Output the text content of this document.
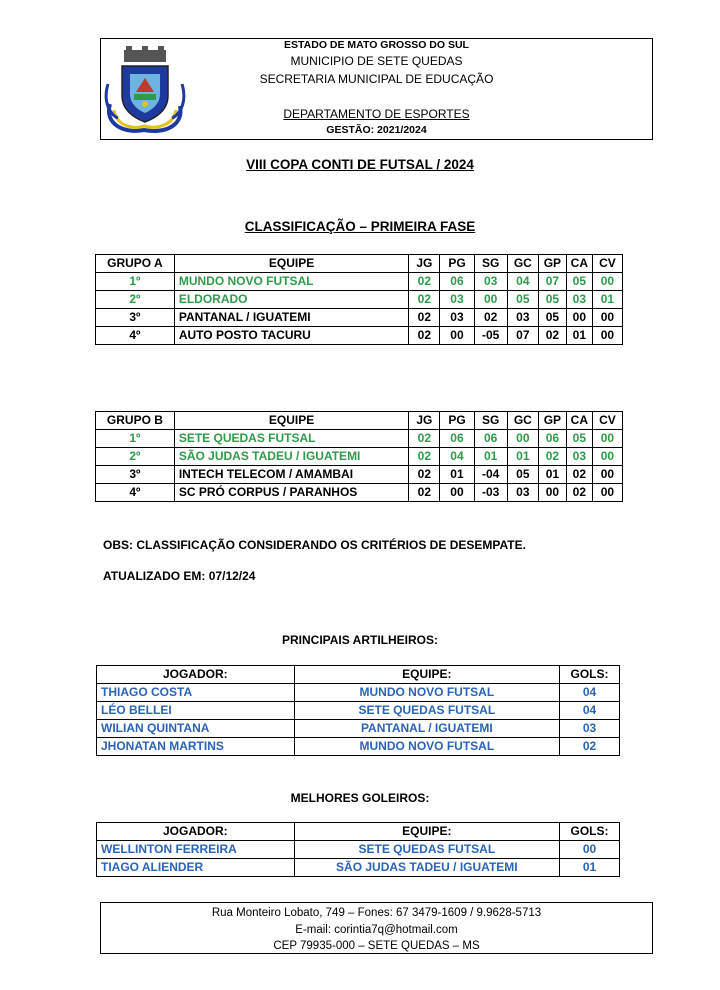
ESTADO DE MATO GROSSO DO SUL
MUNICIPIO DE SETE QUEDAS
SECRETARIA MUNICIPAL DE EDUCAÇÃO
DEPARTAMENTO DE ESPORTES
GESTÃO: 2021/2024
VIII COPA CONTI DE FUTSAL / 2024
CLASSIFICAÇÃO – PRIMEIRA FASE
GRUPO A	EQUIPE	JG	PG	SG	GC	GP	CA	CV
1º	MUNDO NOVO FUTSAL	02	06	03	04	07	05	00
2º	ELDORADO	02	03	00	05	05	03	01
3º	PANTANAL / IGUATEMI	02	03	02	03	05	00	00
4º	AUTO POSTO TACURU	02	00	-05	07	02	01	00
GRUPO B	EQUIPE	JG	PG	SG	GC	GP	CA	CV
1º	SETE QUEDAS FUTSAL	02	06	06	00	06	05	00
2º	SÃO JUDAS TADEU / IGUATEMI	02	04	01	01	02	03	00
3º	INTECH TELECOM / AMAMBAI	02	01	-04	05	01	02	00
4º	SC PRÓ CORPUS / PARANHOS	02	00	-03	03	00	02	00
OBS: CLASSIFICAÇÃO CONSIDERANDO OS CRITÉRIOS DE DESEMPATE.
ATUALIZADO EM: 07/12/24
PRINCIPAIS ARTILHEIROS:
JOGADOR:	EQUIPE:	GOLS:
THIAGO COSTA	MUNDO NOVO FUTSAL	04
LÉO BELLEI	SETE QUEDAS FUTSAL	04
WILIAN QUINTANA	PANTANAL / IGUATEMI	03
JHONATAN MARTINS	MUNDO NOVO FUTSAL	02
MELHORES GOLEIROS:
JOGADOR:	EQUIPE:	GOLS:
WELLINTON FERREIRA	SETE QUEDAS FUTSAL	00
TIAGO ALIENDER	SÃO JUDAS TADEU / IGUATEMI	01
Rua Monteiro Lobato, 749 – Fones: 67 3479-1609 / 9.9628-5713
E-mail: corintia7q@hotmail.com
CEP 79935-000 – SETE QUEDAS – MS
